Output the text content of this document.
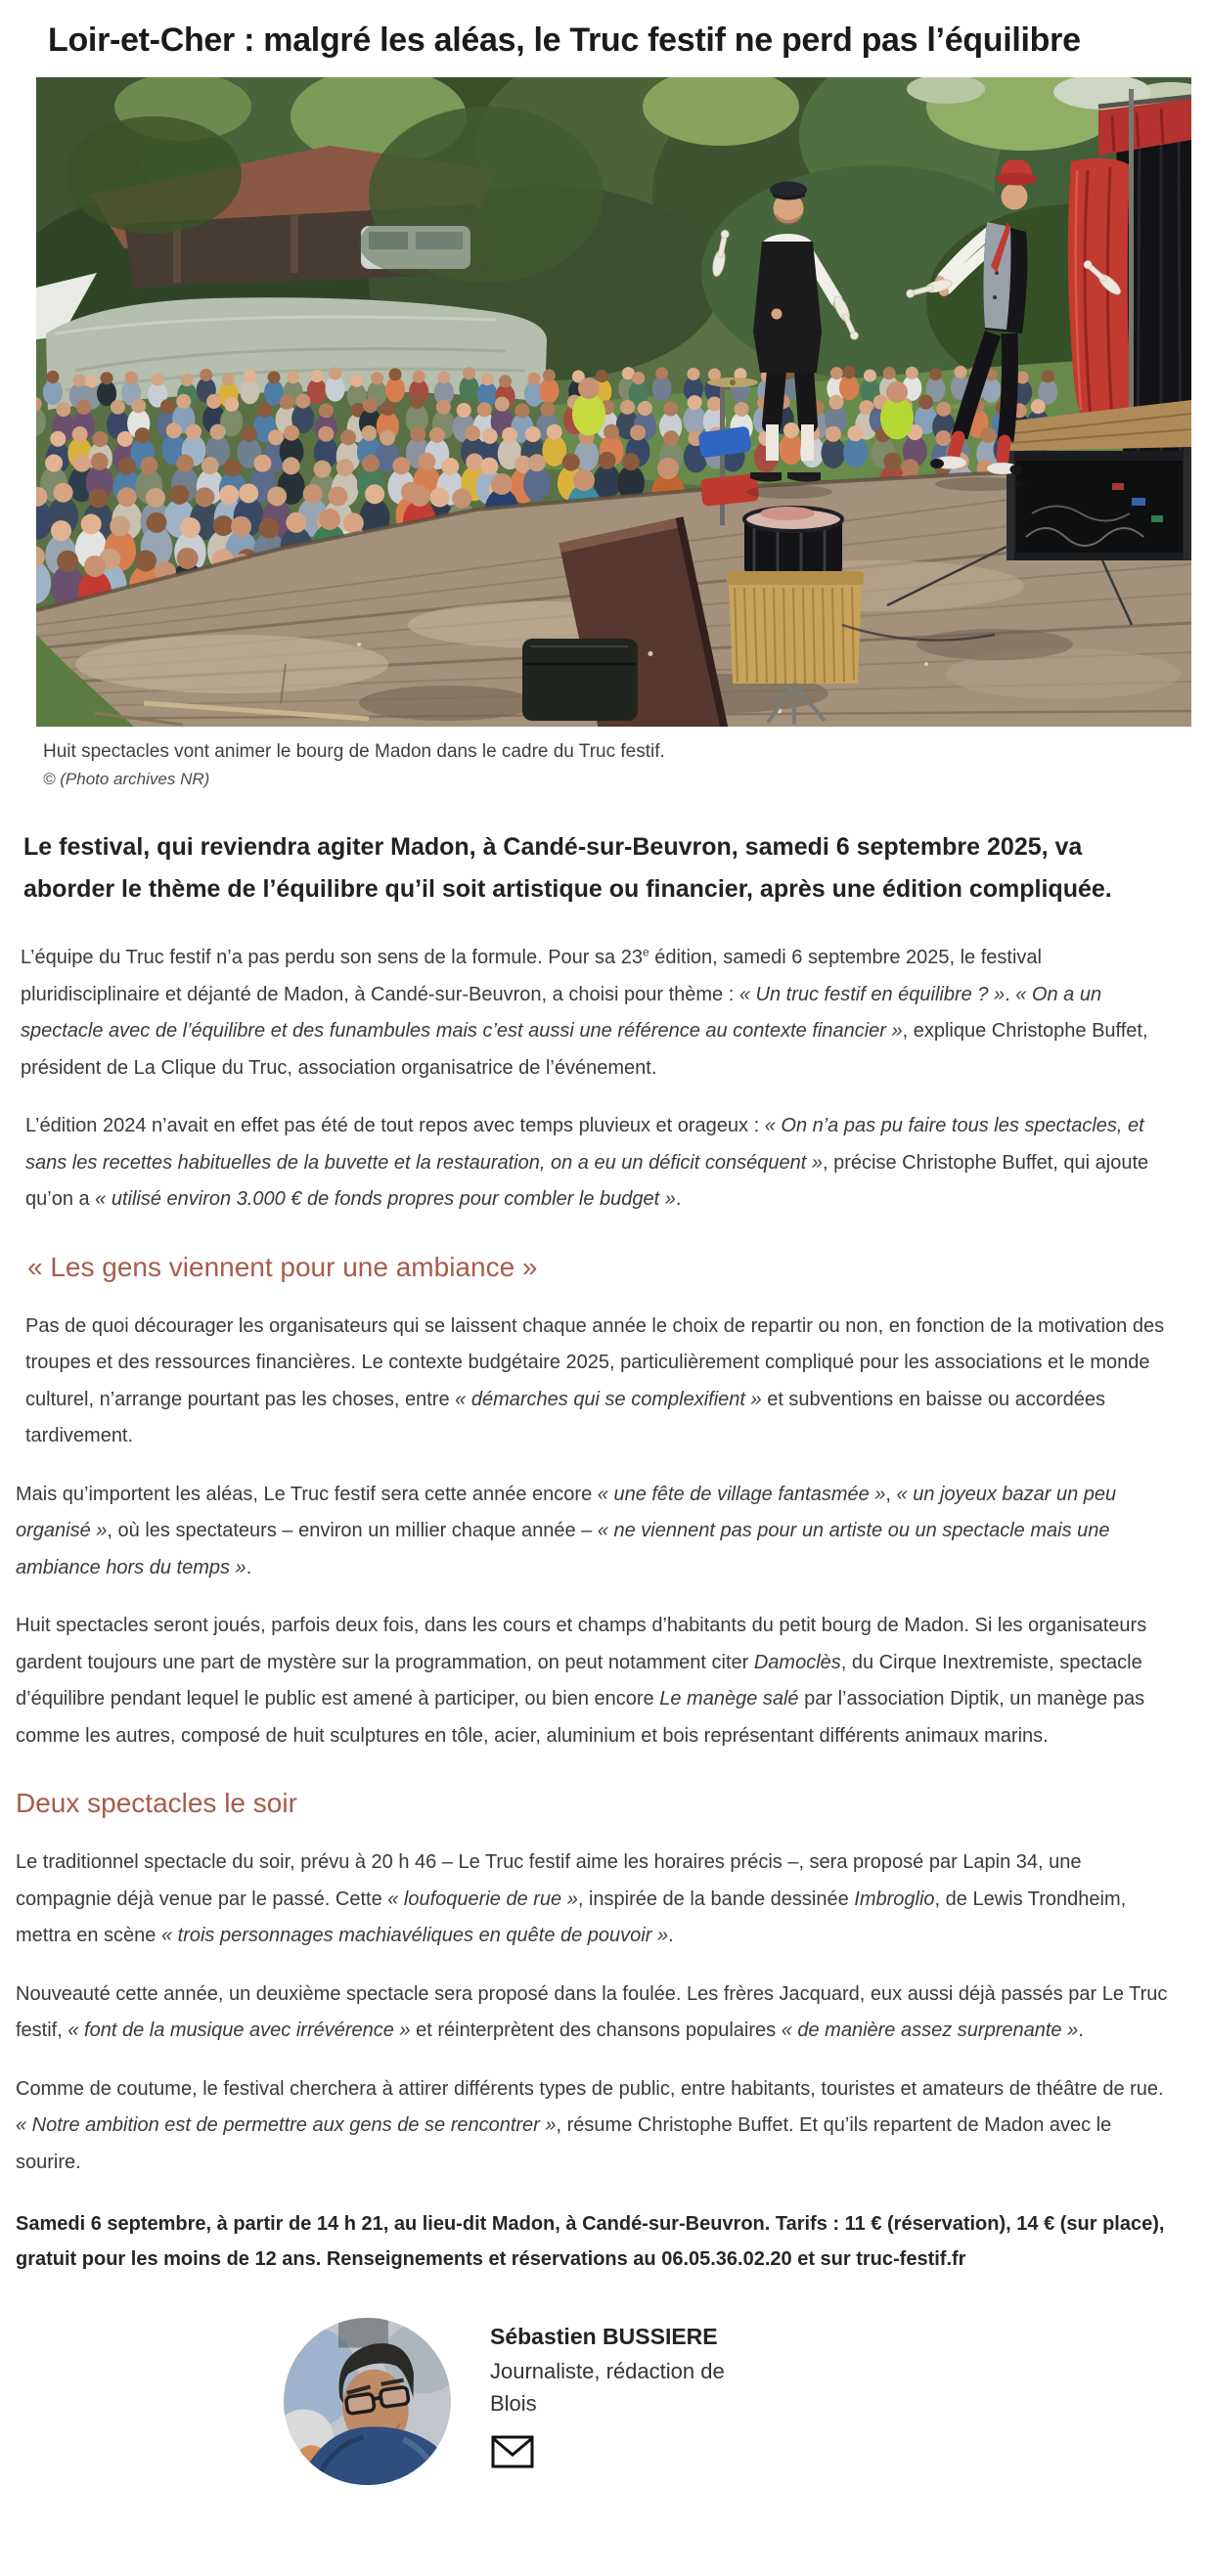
Loir-et-Cher : malgré les aléas, le Truc festif ne perd pas l’équilibre
Huit spectacles vont animer le bourg de Madon dans le cadre du Truc festif.
© (Photo archives NR)

Le festival, qui reviendra agiter Madon, à Candé-sur-Beuvron, samedi 6 septembre 2025, va aborder le thème de l’équilibre qu’il soit artistique ou financier, après une édition compliquée.

L’équipe du Truc festif n’a pas perdu son sens de la formule. Pour sa 23e édition, samedi 6 septembre 2025, le festival pluridisciplinaire et déjanté de Madon, à Candé-sur-Beuvron, a choisi pour thème : « Un truc festif en équilibre ? ». « On a un spectacle avec de l’équilibre et des funambules mais c’est aussi une référence au contexte financier », explique Christophe Buffet, président de La Clique du Truc, association organisatrice de l’événement.

L’édition 2024 n’avait en effet pas été de tout repos avec temps pluvieux et orageux : « On n’a pas pu faire tous les spectacles, et sans les recettes habituelles de la buvette et la restauration, on a eu un déficit conséquent », précise Christophe Buffet, qui ajoute qu’on a « utilisé environ 3.000 € de fonds propres pour combler le budget ».

« Les gens viennent pour une ambiance »

Pas de quoi décourager les organisateurs qui se laissent chaque année le choix de repartir ou non, en fonction de la motivation des troupes et des ressources financières. Le contexte budgétaire 2025, particulièrement compliqué pour les associations et le monde culturel, n’arrange pourtant pas les choses, entre « démarches qui se complexifient » et subventions en baisse ou accordées tardivement.

Mais qu’importent les aléas, Le Truc festif sera cette année encore « une fête de village fantasmée », « un joyeux bazar un peu organisé », où les spectateurs – environ un millier chaque année – « ne viennent pas pour un artiste ou un spectacle mais une ambiance hors du temps ».

Huit spectacles seront joués, parfois deux fois, dans les cours et champs d’habitants du petit bourg de Madon. Si les organisateurs gardent toujours une part de mystère sur la programmation, on peut notamment citer Damoclès, du Cirque Inextremiste, spectacle d’équilibre pendant lequel le public est amené à participer, ou bien encore Le manège salé par l’association Diptik, un manège pas comme les autres, composé de huit sculptures en tôle, acier, aluminium et bois représentant différents animaux marins.

Deux spectacles le soir

Le traditionnel spectacle du soir, prévu à 20 h 46 – Le Truc festif aime les horaires précis –, sera proposé par Lapin 34, une compagnie déjà venue par le passé. Cette « loufoquerie de rue », inspirée de la bande dessinée Imbroglio, de Lewis Trondheim, mettra en scène « trois personnages machiavéliques en quête de pouvoir ».

Nouveauté cette année, un deuxième spectacle sera proposé dans la foulée. Les frères Jacquard, eux aussi déjà passés par Le Truc festif, « font de la musique avec irrévérence » et réinterprètent des chansons populaires « de manière assez surprenante ».

Comme de coutume, le festival cherchera à attirer différents types de public, entre habitants, touristes et amateurs de théâtre de rue. « Notre ambition est de permettre aux gens de se rencontrer », résume Christophe Buffet. Et qu’ils repartent de Madon avec le sourire.

Samedi 6 septembre, à partir de 14 h 21, au lieu-dit Madon, à Candé-sur-Beuvron. Tarifs : 11 € (réservation), 14 € (sur place), gratuit pour les moins de 12 ans. Renseignements et réservations au 06.05.36.02.20 et sur truc-festif.fr

Sébastien BUSSIERE
Journaliste, rédaction de Blois
